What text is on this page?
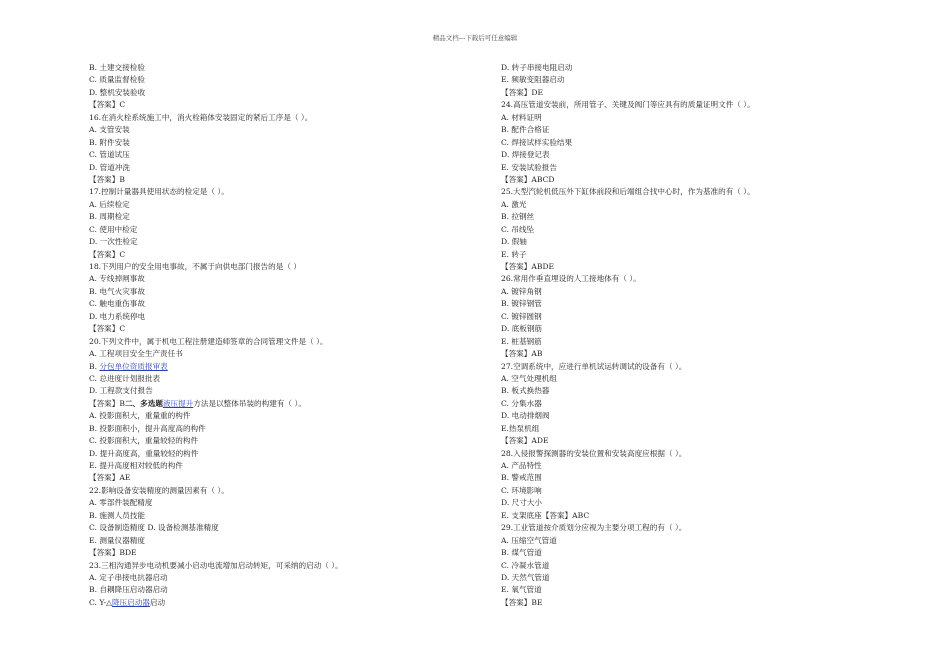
精品文档---下载后可任意编辑
B. 土建交接检验
C. 质量监督检验
D. 整机安装验收
【答案】C
16.在消火栓系统施工中，消火栓箱体安装固定的紧后工序是（ ）。
A. 支管安装
B. 附件安装
C. 管道试压
D. 管道冲洗
【答案】B
17.控制计量器具使用状态的检定是（ ）。
A. 后续检定
B. 周期检定
C. 使用中检定
D. 一次性检定
【答案】C
18.下列用户的安全用电事故，不属于向供电部门报告的是（ ）
A. 专线掉闸事故
B. 电气火灾事故
C. 触电重伤事故
D. 电力系统停电
【答案】C
20.下列文件中，属于机电工程注册建造师签章的合同管理文件是（ ）。
A. 工程项目安全生产责任书
B. 分包单位资质报审表
C. 总进度计划报批表
D. 工程款支付报告
【答案】B二、多选题液压提升方法是以整体吊装的构建有（ ）。
A. 投影面积大，重量重的构件
B. 投影面积小，提升高度高的构件
C. 投影面积大，重量较轻的构件
D. 提升高度高，重量较轻的构件
E. 提升高度相对较低的构件
【答案】AE
22.影响设备安装精度的测量因素有（ ）。
A. 零部件装配精度
B. 施测人员技能
C. 设备制造精度 D. 设备检测基准精度
E. 测量仪器精度
【答案】BDE
23.三相沟通异步电动机要减小启动电流增加启动转矩，可采纳的启动（ ）。
A. 定子串接电抗器启动
B. 自耦降压启动器启动
C. Y-△降压启动器启动
D. 转子串接电阻启动
E. 频敏变阻器启动
【答案】DE
24.高压管道安装前，所用管子、关键及阀门等应具有的质量证明文件（ ）。
A. 材料证明
B. 配件合格证
C. 焊接试样实验结果
D. 焊接登记表
E. 安装试验报告
【答案】ABCD
25.大型汽轮机低压外下缸体前段和后端组合找中心时，作为基准的有（ ）。
A. 激光
B. 拉钢丝
C. 吊线坠
D. 假轴
E. 转子
【答案】ABDE
26.常用作垂直埋设的人工接地体有（ ）。
A. 镀锌角钢
B. 镀锌钢管
C. 镀锌圆钢
D. 底板钢筋
E. 桩基钢筋
【答案】AB
27.空调系统中，应进行单机试运转调试的设备有（ ）。
A. 空气处理机组
B. 板式换热器
C. 分集水器
D. 电动排烟阀
E.热泵机组
【答案】ADE
28.入侵报警探测器的安装位置和安装高度应根据（ ）。
A. 产品特性
B. 警戒范围
C. 环境影响
D. 尺寸大小
E. 支架底座【答案】ABC
29.工业管道按介质划分应视为主要分项工程的有（ ）。
A. 压缩空气管道
B. 煤气管道
C. 冷凝水管道
D. 天然气管道
E. 氧气管道
【答案】BE
